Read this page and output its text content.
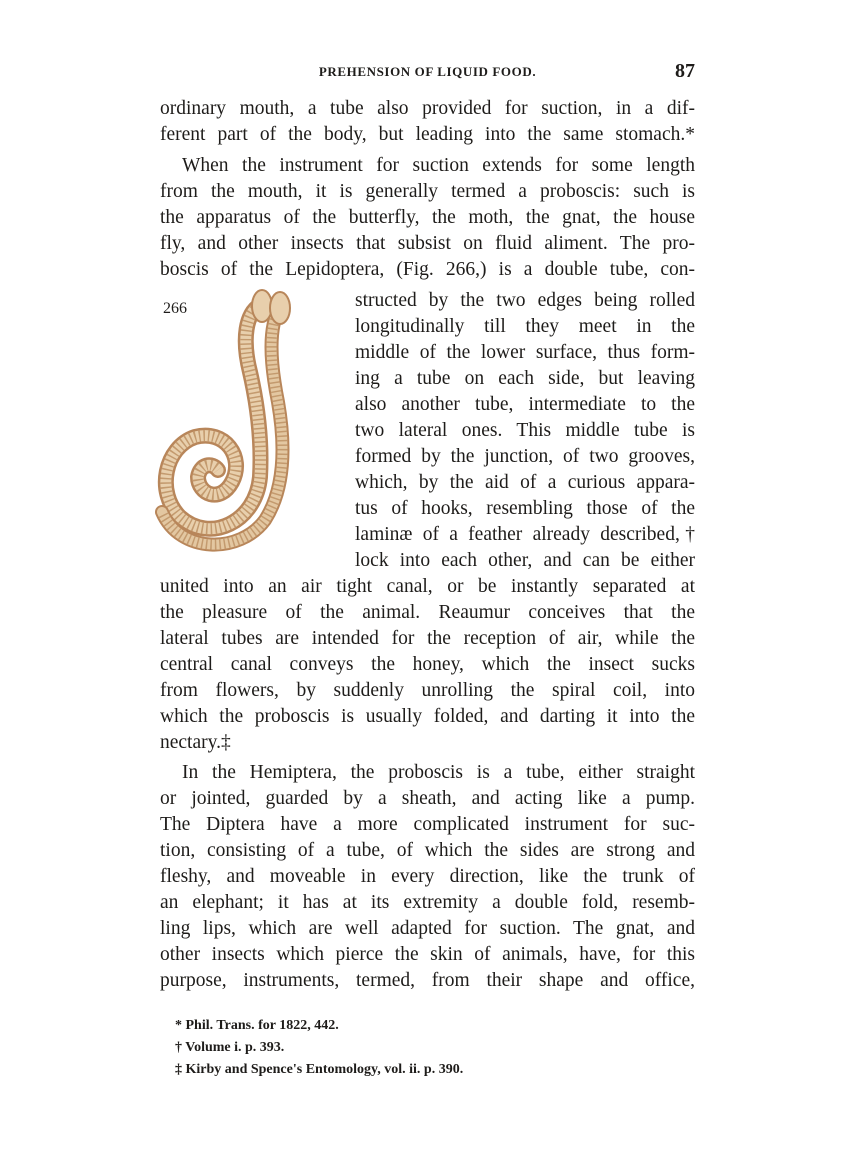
PREHENSION OF LIQUID FOOD.	87
ordinary mouth, a tube also provided for suction, in a dif-
ferent part of the body, but leading into the same stomach.*
When the instrument for suction extends for some length
from the mouth, it is generally termed a proboscis: such is
the apparatus of the butterfly, the moth, the gnat, the house
fly, and other insects that subsist on fluid aliment. The pro-
boscis of the Lepidoptera, (Fig. 266,) is a double tube, con-
266	structed by the two edges being rolled
longitudinally till they meet in the
middle of the lower surface, thus form-
ing a tube on each side, but leaving
also another tube, intermediate to the
two lateral ones. This middle tube is
formed by the junction, of two grooves,
which, by the aid of a curious appara-
tus of hooks, resembling those of the
laminæ of a feather already described,†
lock into each other, and can be either
united into an air tight canal, or be instantly separated at
the pleasure of the animal. Reaumur conceives that the
lateral tubes are intended for the reception of air, while the
central canal conveys the honey, which the insect sucks
from flowers, by suddenly unrolling the spiral coil, into
which the proboscis is usually folded, and darting it into the
nectary.‡
In the Hemiptera, the proboscis is a tube, either straight
or jointed, guarded by a sheath, and acting like a pump.
The Diptera have a more complicated instrument for suc-
tion, consisting of a tube, of which the sides are strong and
fleshy, and moveable in every direction, like the trunk of
an elephant; it has at its extremity a double fold, resemb-
ling lips, which are well adapted for suction. The gnat, and
other insects which pierce the skin of animals, have, for this
purpose, instruments, termed, from their shape and office,
* Phil. Trans. for 1822, 442.
† Volume i. p. 393.
‡ Kirby and Spence's Entomology, vol. ii. p. 390.
